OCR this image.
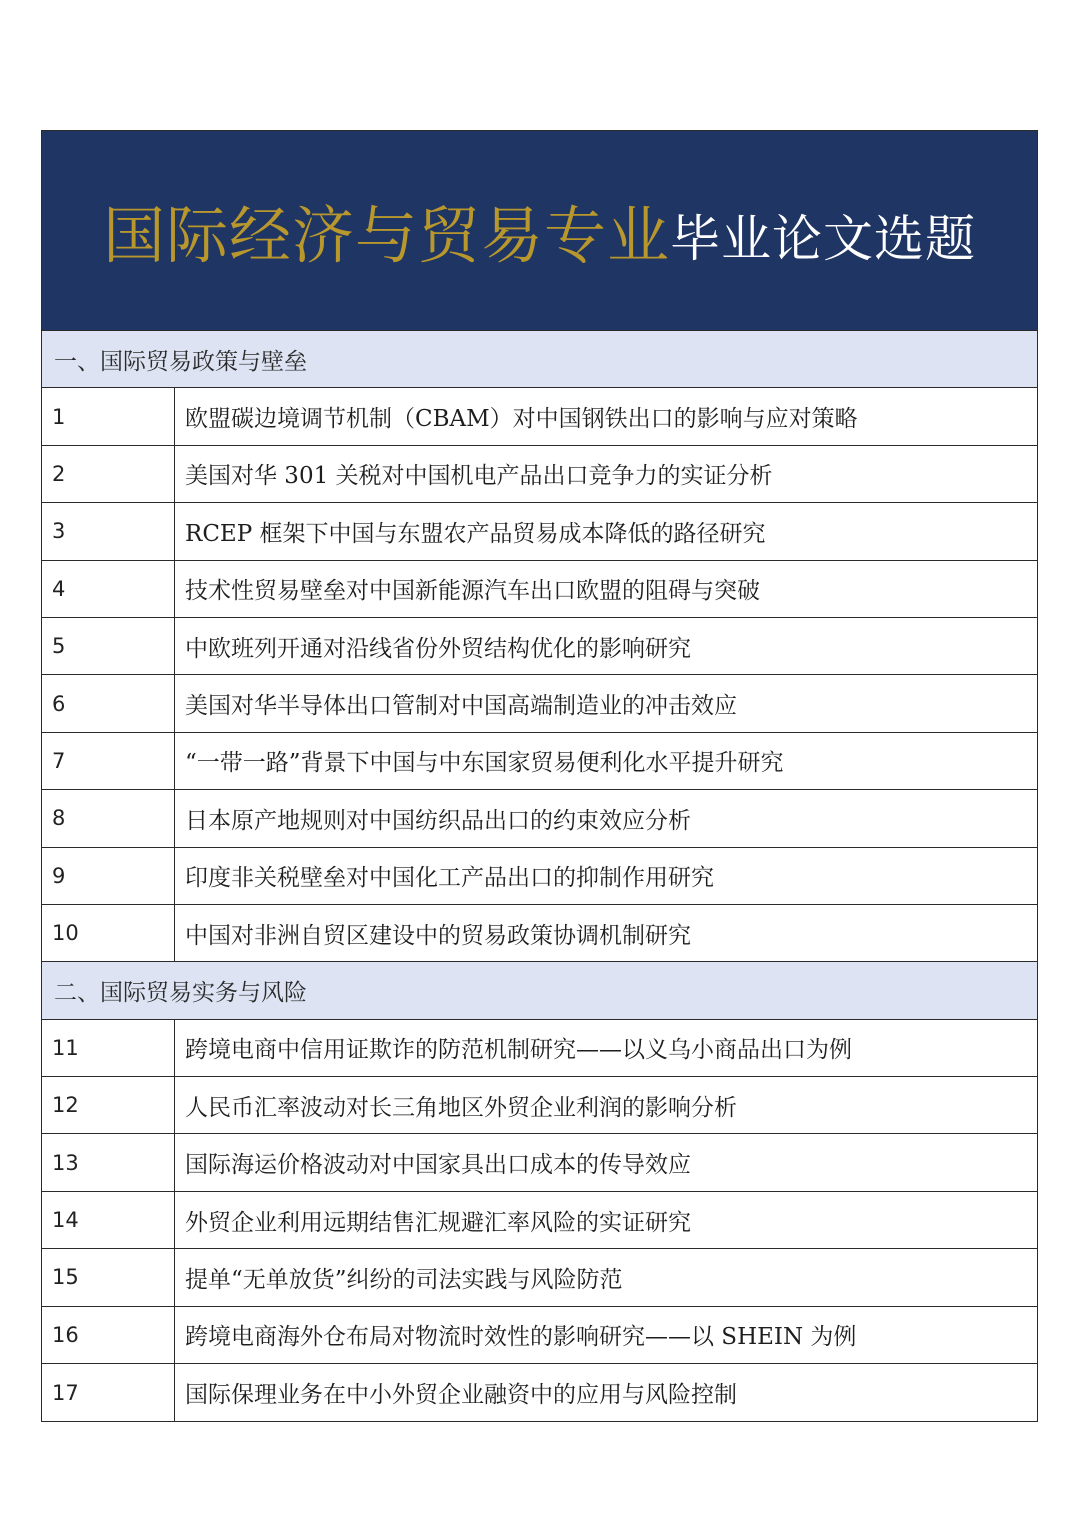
国际经济与贸易专业 毕业论文选题
一、国际贸易政策与壁垒
1	欧盟碳边境调节机制（CBAM）对中国钢铁出口的影响与应对策略
2	美国对华 301 关税对中国机电产品出口竞争力的实证分析
3	RCEP 框架下中国与东盟农产品贸易成本降低的路径研究
4	技术性贸易壁垒对中国新能源汽车出口欧盟的阻碍与突破
5	中欧班列开通对沿线省份外贸结构优化的影响研究
6	美国对华半导体出口管制对中国高端制造业的冲击效应
7	“一带一路”背景下中国与中东国家贸易便利化水平提升研究
8	日本原产地规则对中国纺织品出口的约束效应分析
9	印度非关税壁垒对中国化工产品出口的抑制作用研究
10	中国对非洲自贸区建设中的贸易政策协调机制研究
二、国际贸易实务与风险
11	跨境电商中信用证欺诈的防范机制研究——以义乌小商品出口为例
12	人民币汇率波动对长三角地区外贸企业利润的影响分析
13	国际海运价格波动对中国家具出口成本的传导效应
14	外贸企业利用远期结售汇规避汇率风险的实证研究
15	提单“无单放货”纠纷的司法实践与风险防范
16	跨境电商海外仓布局对物流时效性的影响研究——以 SHEIN 为例
17	国际保理业务在中小外贸企业融资中的应用与风险控制
